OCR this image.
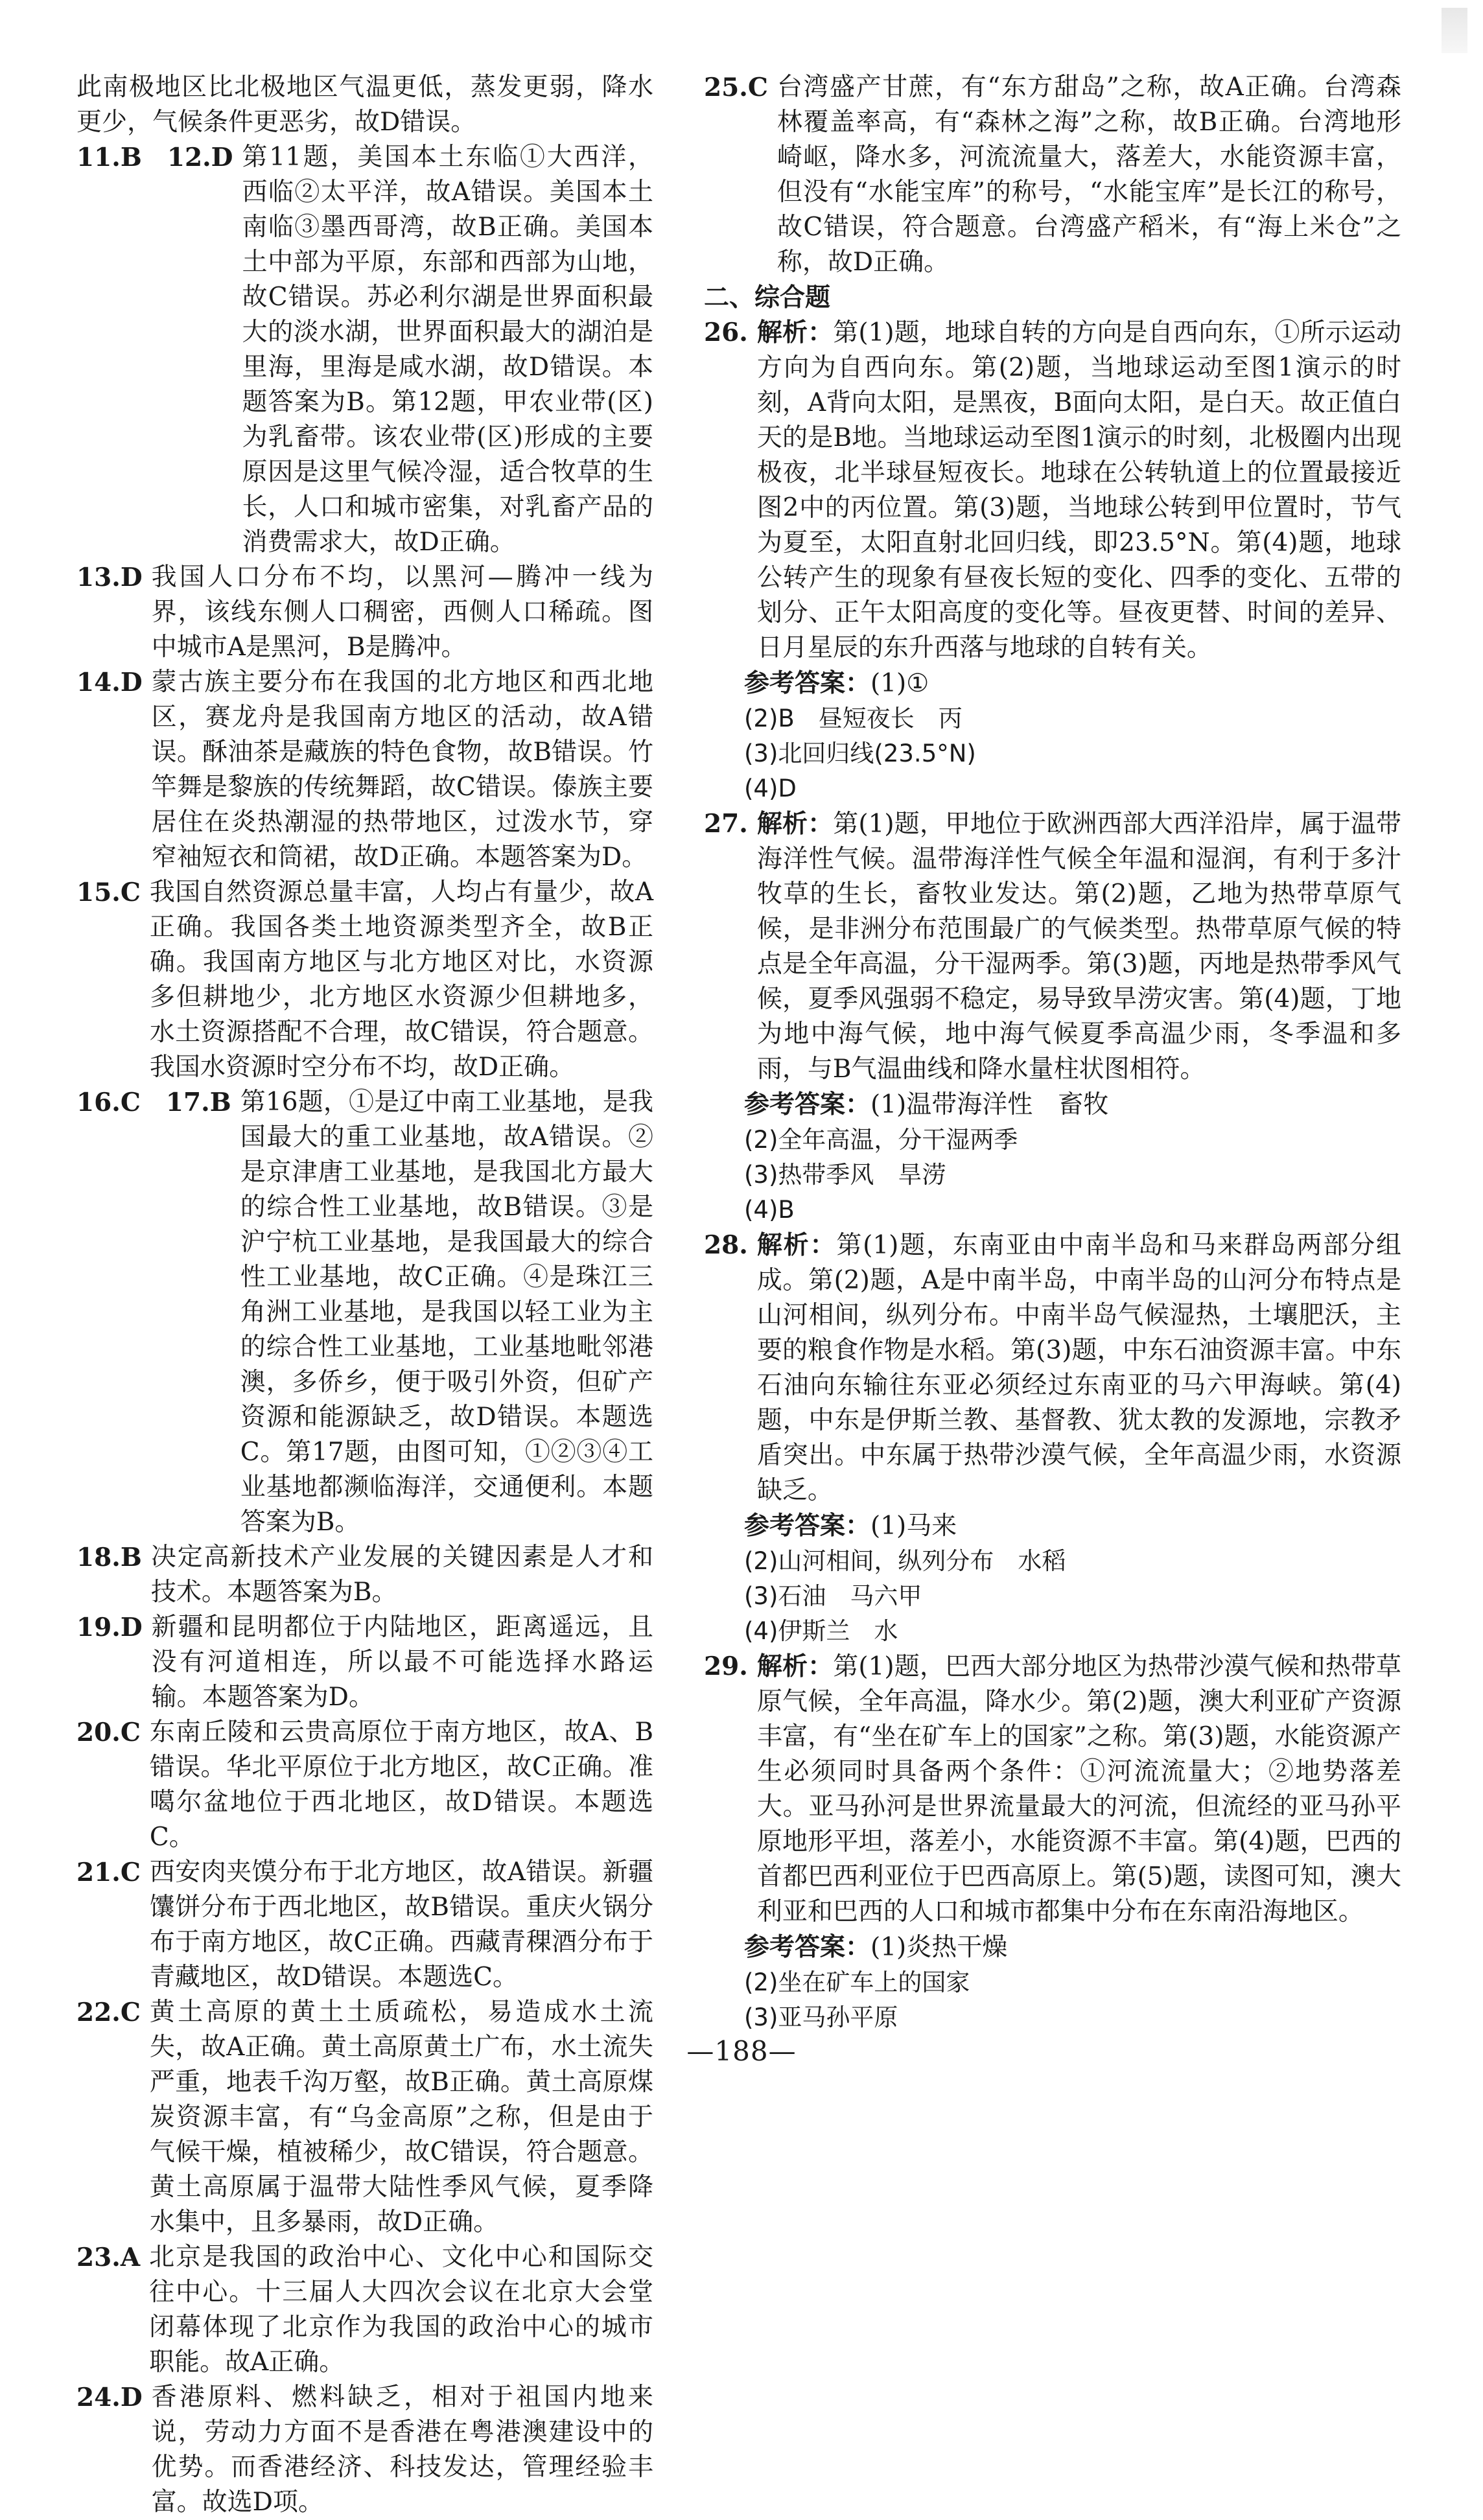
此南极地区比北极地区气温更低，蒸发更弱，降水更少，气候条件更恶劣，故D错误。

11.B　12.D 第11题，美国本土东临①大西洋，西临②太平洋，故A错误。美国本土南临③墨西哥湾，故B正确。美国本土中部为平原，东部和西部为山地，故C错误。苏必利尔湖是世界面积最大的淡水湖，世界面积最大的湖泊是里海，里海是咸水湖，故D错误。本题答案为B。第12题，甲农业带(区)为乳畜带。该农业带(区)形成的主要原因是这里气候冷湿，适合牧草的生长，人口和城市密集，对乳畜产品的消费需求大，故D正确。
13.D 我国人口分布不均，以黑河—腾冲一线为界，该线东侧人口稠密，西侧人口稀疏。图中城市A是黑河，B是腾冲。
14.D 蒙古族主要分布在我国的北方地区和西北地区，赛龙舟是我国南方地区的活动，故A错误。酥油茶是藏族的特色食物，故B错误。竹竿舞是黎族的传统舞蹈，故C错误。傣族主要居住在炎热潮湿的热带地区，过泼水节，穿窄袖短衣和筒裙，故D正确。本题答案为D。
15.C 我国自然资源总量丰富，人均占有量少，故A正确。我国各类土地资源类型齐全，故B正确。我国南方地区与北方地区对比，水资源多但耕地少，北方地区水资源少但耕地多，水土资源搭配不合理，故C错误，符合题意。我国水资源时空分布不均，故D正确。
16.C　17.B 第16题，①是辽中南工业基地，是我国最大的重工业基地，故A错误。②是京津唐工业基地，是我国北方最大的综合性工业基地，故B错误。③是沪宁杭工业基地，是我国最大的综合性工业基地，故C正确。④是珠江三角洲工业基地，是我国以轻工业为主的综合性工业基地，工业基地毗邻港澳，多侨乡，便于吸引外资，但矿产资源和能源缺乏，故D错误。本题选C。第17题，由图可知，①②③④工业基地都濒临海洋，交通便利。本题答案为B。
18.B 决定高新技术产业发展的关键因素是人才和技术。本题答案为B。
19.D 新疆和昆明都位于内陆地区，距离遥远，且没有河道相连，所以最不可能选择水路运输。本题答案为D。
20.C 东南丘陵和云贵高原位于南方地区，故A、B错误。华北平原位于北方地区，故C正确。准噶尔盆地位于西北地区，故D错误。本题选C。
21.C 西安肉夹馍分布于北方地区，故A错误。新疆馕饼分布于西北地区，故B错误。重庆火锅分布于南方地区，故C正确。西藏青稞酒分布于青藏地区，故D错误。本题选C。
22.C 黄土高原的黄土土质疏松，易造成水土流失，故A正确。黄土高原黄土广布，水土流失严重，地表千沟万壑，故B正确。黄土高原煤炭资源丰富，有“乌金高原”之称，但是由于气候干燥，植被稀少，故C错误，符合题意。黄土高原属于温带大陆性季风气候，夏季降水集中，且多暴雨，故D正确。
23.A 北京是我国的政治中心、文化中心和国际交往中心。十三届人大四次会议在北京大会堂闭幕体现了北京作为我国的政治中心的城市职能。故A正确。
24.D 香港原料、燃料缺乏，相对于祖国内地来说，劳动力方面不是香港在粤港澳建设中的优势。而香港经济、科技发达，管理经验丰富。故选D项。
25.C 台湾盛产甘蔗，有“东方甜岛”之称，故A正确。台湾森林覆盖率高，有“森林之海”之称，故B正确。台湾地形崎岖，降水多，河流流量大，落差大，水能资源丰富，但没有“水能宝库”的称号，“水能宝库”是长江的称号，故C错误，符合题意。台湾盛产稻米，有“海上米仓”之称，故D正确。

二、综合题

26. 解析：第(1)题，地球自转的方向是自西向东，①所示运动方向为自西向东。第(2)题，当地球运动至图1演示的时刻，A背向太阳，是黑夜，B面向太阳，是白天。故正值白天的是B地。当地球运动至图1演示的时刻，北极圈内出现极夜，北半球昼短夜长。地球在公转轨道上的位置最接近图2中的丙位置。第(3)题，当地球公转到甲位置时，节气为夏至，太阳直射北回归线，即23.5°N。第(4)题，地球公转产生的现象有昼夜长短的变化、四季的变化、五带的划分、正午太阳高度的变化等。昼夜更替、时间的差异、日月星辰的东升西落与地球的自转有关。

参考答案：(1)①

(2)B　昼短夜长　丙

(3)北回归线(23.5°N)

(4)D

27. 解析：第(1)题，甲地位于欧洲西部大西洋沿岸，属于温带海洋性气候。温带海洋性气候全年温和湿润，有利于多汁牧草的生长，畜牧业发达。第(2)题，乙地为热带草原气候，是非洲分布范围最广的气候类型。热带草原气候的特点是全年高温，分干湿两季。第(3)题，丙地是热带季风气候，夏季风强弱不稳定，易导致旱涝灾害。第(4)题，丁地为地中海气候，地中海气候夏季高温少雨，冬季温和多雨，与B气温曲线和降水量柱状图相符。

参考答案：(1)温带海洋性　畜牧

(2)全年高温，分干湿两季

(3)热带季风　旱涝

(4)B

28. 解析：第(1)题，东南亚由中南半岛和马来群岛两部分组成。第(2)题，A是中南半岛，中南半岛的山河分布特点是山河相间，纵列分布。中南半岛气候湿热，土壤肥沃，主要的粮食作物是水稻。第(3)题，中东石油资源丰富。中东石油向东输往东亚必须经过东南亚的马六甲海峡。第(4)题，中东是伊斯兰教、基督教、犹太教的发源地，宗教矛盾突出。中东属于热带沙漠气候，全年高温少雨，水资源缺乏。

参考答案：(1)马来

(2)山河相间，纵列分布　水稻

(3)石油　马六甲

(4)伊斯兰　水

29. 解析：第(1)题，巴西大部分地区为热带沙漠气候和热带草原气候，全年高温，降水少。第(2)题，澳大利亚矿产资源丰富，有“坐在矿车上的国家”之称。第(3)题，水能资源产生必须同时具备两个条件：①河流流量大；②地势落差大。亚马孙河是世界流量最大的河流，但流经的亚马孙平原地形平坦，落差小，水能资源不丰富。第(4)题，巴西的首都巴西利亚位于巴西高原上。第(5)题，读图可知，澳大利亚和巴西的人口和城市都集中分布在东南沿海地区。

参考答案：(1)炎热干燥

(2)坐在矿车上的国家

(3)亚马孙平原

—188—
